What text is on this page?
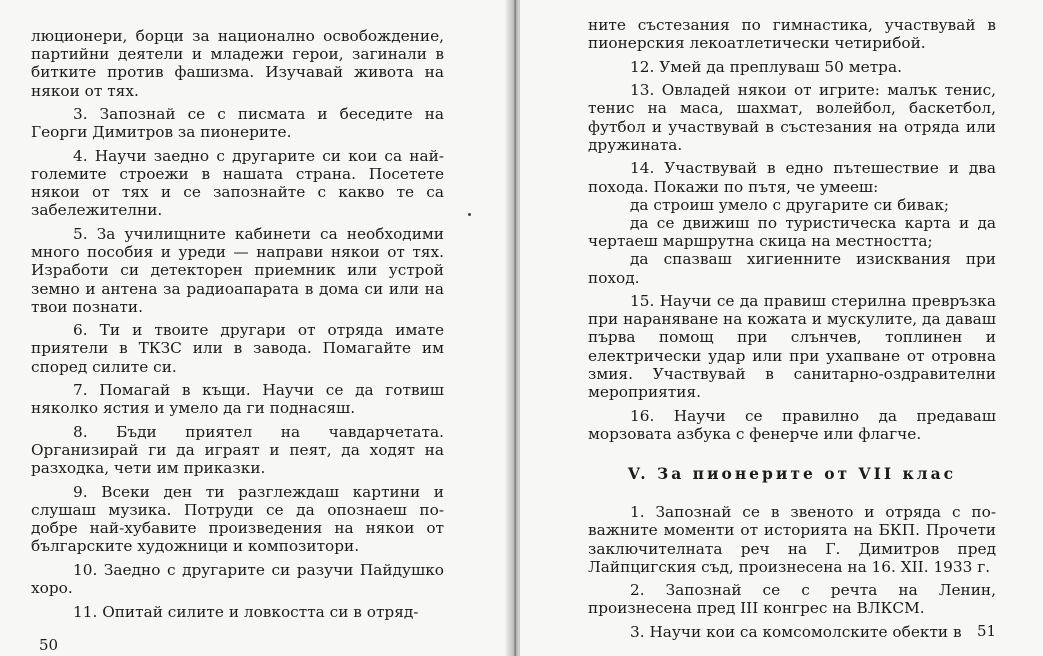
люционери, борци за национално освобождение, партийни деятели и младежи герои, загинали в битките против фашизма. Изучавай живота на някои от тях.

3. Запознай се с писмата и беседите на Георги Димитров за пионерите.

4. Научи заедно с другарите си кои са най-големите строежи в нашата страна. Посетете някои от тях и се запознайте с какво те са забележителни.

5. За училищните кабинети са необходими много пособия и уреди — направи някои от тях. Изработи си детекторен приемник или устрой земно и антена за радиоапарата в дома си или на твои познати.

6. Ти и твоите другари от отряда имате приятели в ТКЗС или в завода. Помагайте им според силите си.

7. Помагай в къщи. Научи се да готвиш няколко ястия и умело да ги поднасяш.

8. Бъди приятел на чавдарчетата. Организирай ги да играят и пеят, да ходят на разходка, чети им приказки.

9. Всеки ден ти разглеждаш картини и слушаш музика. Потруди се да опознаеш по-добре най-хубавите произведения на някои от българските художници и композитори.

10. Заедно с другарите си разучи Пайдушко хоро.

11. Опитай силите и ловкостта си в отряд-

50

ните състезания по гимнастика, участвувай в пионерския лекоатлетически четирибой.

12. Умей да преплуваш 50 метра.

13. Овладей някои от игрите: малък тенис, тенис на маса, шахмат, волейбол, баскетбол, футбол и участвувай в състезания на отряда или дружината.

14. Участвувай в едно пътешествие и два похода. Покажи по пътя, че умееш:

да строиш умело с другарите си бивак;

да се движиш по туристическа карта и да чертаеш маршрутна скица на местността;

да спазваш хигиенните изисквания при поход.

15. Научи се да правиш стерилна превръзка при нараняване на кожата и мускулите, да даваш първа помощ при слънчев, топлинен и електрически удар или при ухапване от отровна змия. Участвувай в санитарно-оздравителни мероприятия.

16. Научи се правилно да предаваш морзовата азбука с фенерче или флагче.

V. За пионерите от VII клас

1. Запознай се в звеното и отряда с по-важните моменти от историята на БКП. Прочети заключителната реч на Г. Димитров пред Лайпцигския съд, произнесена на 16. XII. 1933 г.

2. Запознай се с речта на Ленин, произнесена пред III конгрес на ВЛКСМ.

3. Научи кои са комсомолските обекти в	51
